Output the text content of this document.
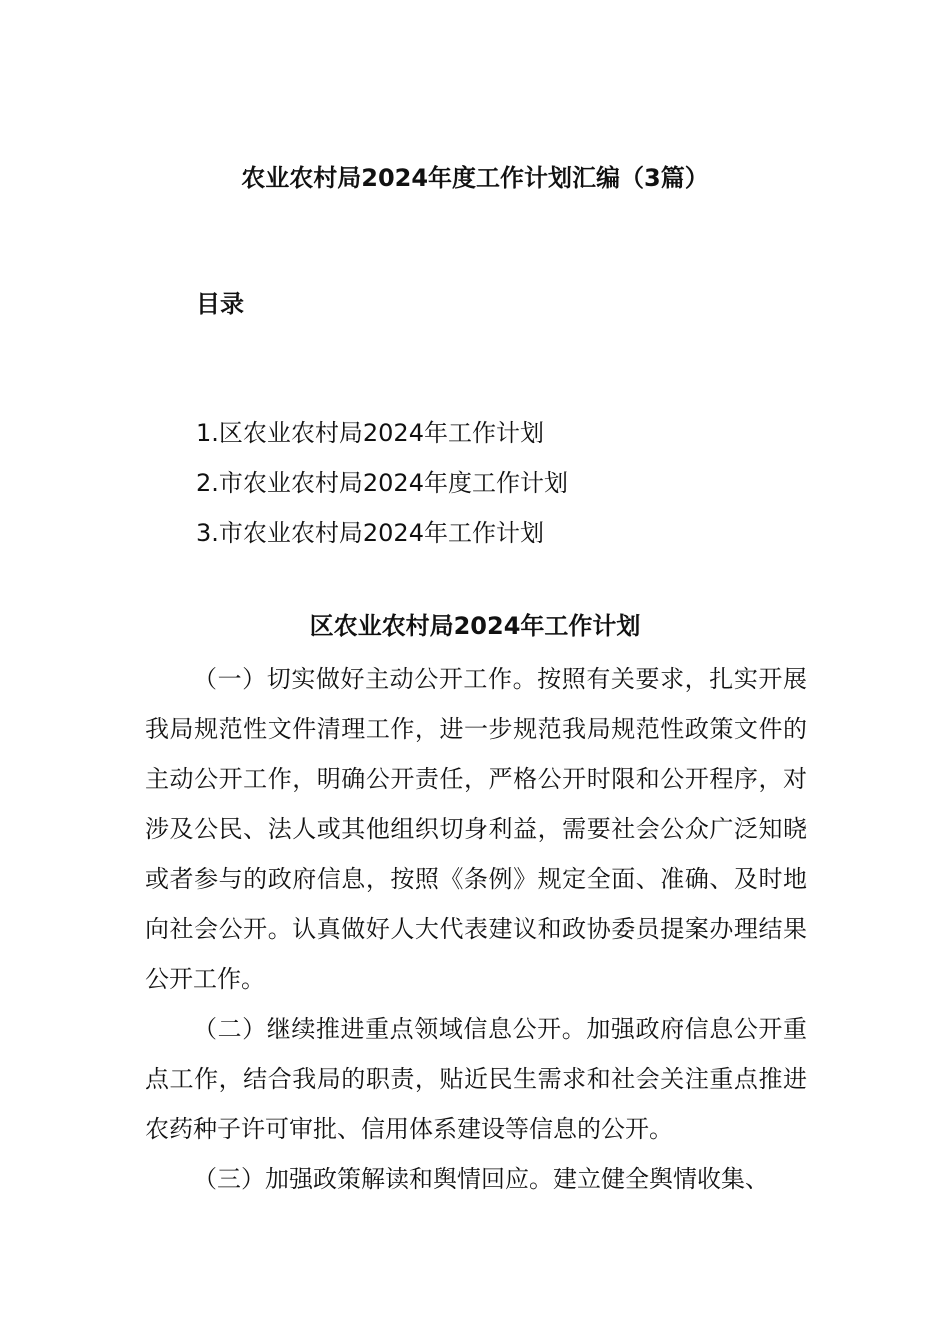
农业农村局2024年度工作计划汇编（3篇）
目录
1.区农业农村局2024年工作计划
2.市农业农村局2024年度工作计划
3.市农业农村局2024年工作计划
区农业农村局2024年工作计划

（一）切实做好主动公开工作。按照有关要求，扎实开展我局规范性文件清理工作，进一步规范我局规范性政策文件的主动公开工作，明确公开责任，严格公开时限和公开程序，对涉及公民、法人或其他组织切身利益，需要社会公众广泛知晓或者参与的政府信息，按照《条例》规定全面、准确、及时地向社会公开。认真做好人大代表建议和政协委员提案办理结果公开工作。

（二）继续推进重点领域信息公开。加强政府信息公开重点工作，结合我局的职责，贴近民生需求和社会关注重点推进农药种子许可审批、信用体系建设等信息的公开。

（三）加强政策解读和舆情回应。建立健全舆情收集、
